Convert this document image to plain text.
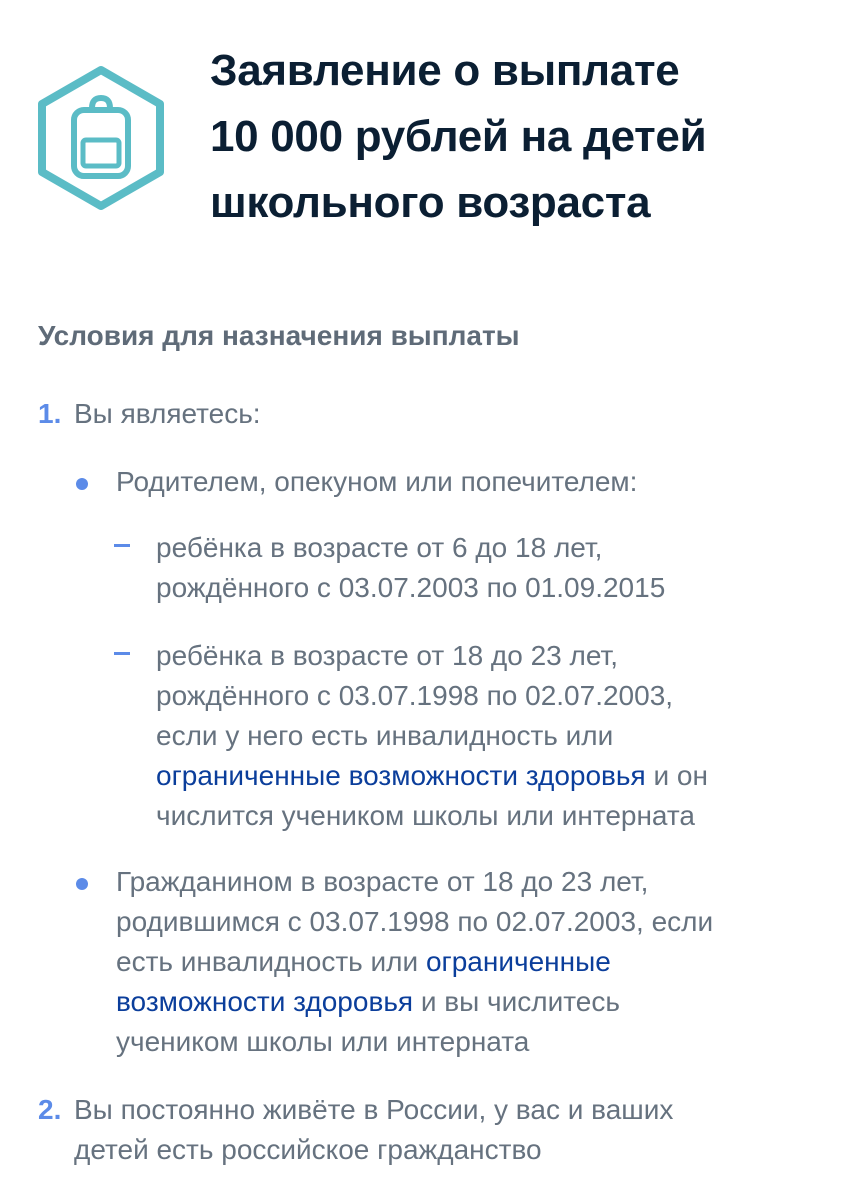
Заявление о выплате
10 000 рублей на детей
школьного возраста
Условия для назначения выплаты
1. Вы являетесь:

Родителем, опекуном или попечителем:

ребёнка в возрасте от 6 до 18 лет,
рождённого с 03.07.2003 по 01.09.2015

ребёнка в возрасте от 18 до 23 лет,
рождённого с 03.07.1998 по 02.07.2003,
если у него есть инвалидность или
ограниченные возможности здоровья и он
числится учеником школы или интерната

Гражданином в возрасте от 18 до 23 лет,
родившимся с 03.07.1998 по 02.07.2003, если
есть инвалидность или ограниченные
возможности здоровья и вы числитесь
учеником школы или интерната

2. Вы постоянно живёте в России, у вас и ваших
детей есть российское гражданство
